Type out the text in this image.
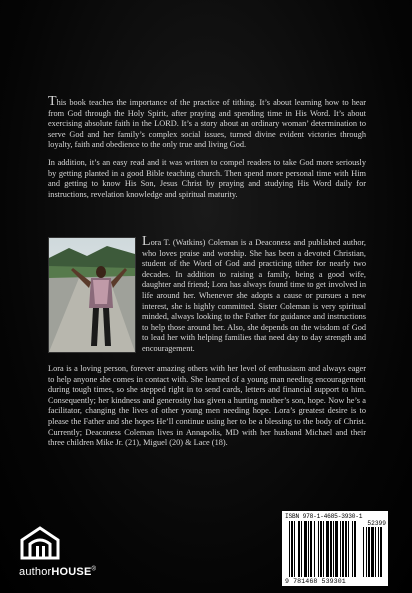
This book teaches the importance of the practice of tithing. It’s about learning how to hear from God through the Holy Spirit, after praying and spending time in His Word. It’s about exercising absolute faith in the LORD. It’s a story about an ordinary woman’ determination to serve God and her family’s complex social issues, turned divine evident victories through loyalty, faith and obedience to the only true and living God.

In addition, it’s an easy read and it was written to compel readers to take God more seriously by getting planted in a good Bible teaching church. Then spend more personal time with Him and getting to know His Son, Jesus Christ by praying and studying His Word daily for instructions, revelation knowledge and spiritual maturity.

Lora T. (Watkins) Coleman is a Deaconess and published author, who loves praise and worship. She has been a devoted Christian, student of the Word of God and practicing tither for nearly two decades. In addition to raising a family, being a good wife, daughter and friend; Lora has always found time to get involved in life around her. Whenever she adopts a cause or pursues a new interest, she is highly committed. Sister Coleman is very spiritual minded, always looking to the Father for guidance and instructions to help those around her. Also, she depends on the wisdom of God to lead her with helping families that need day to day strength and encouragement.

Lora is a loving person, forever amazing others with her level of enthusiasm and always eager to help anyone she comes in contact with. She learned of a young man needing encouragement during tough times, so she stepped right in to send cards, letters and financial support to him. Consequently; her kindness and generosity has given a hurting mother’s son, hope. Now he’s a facilitator, changing the lives of other young men needing hope. Lora’s greatest desire is to please the Father and she hopes He’ll continue using her to be a blessing to the body of Christ. Currently; Deaconess Coleman lives in Annapolis, MD with her husband Michael and their three children Mike Jr. (21), Miguel (20) & Lace (18).

authorHOUSE®
ISBN 978-1-4685-3930-1
52399
9 781468 539301
